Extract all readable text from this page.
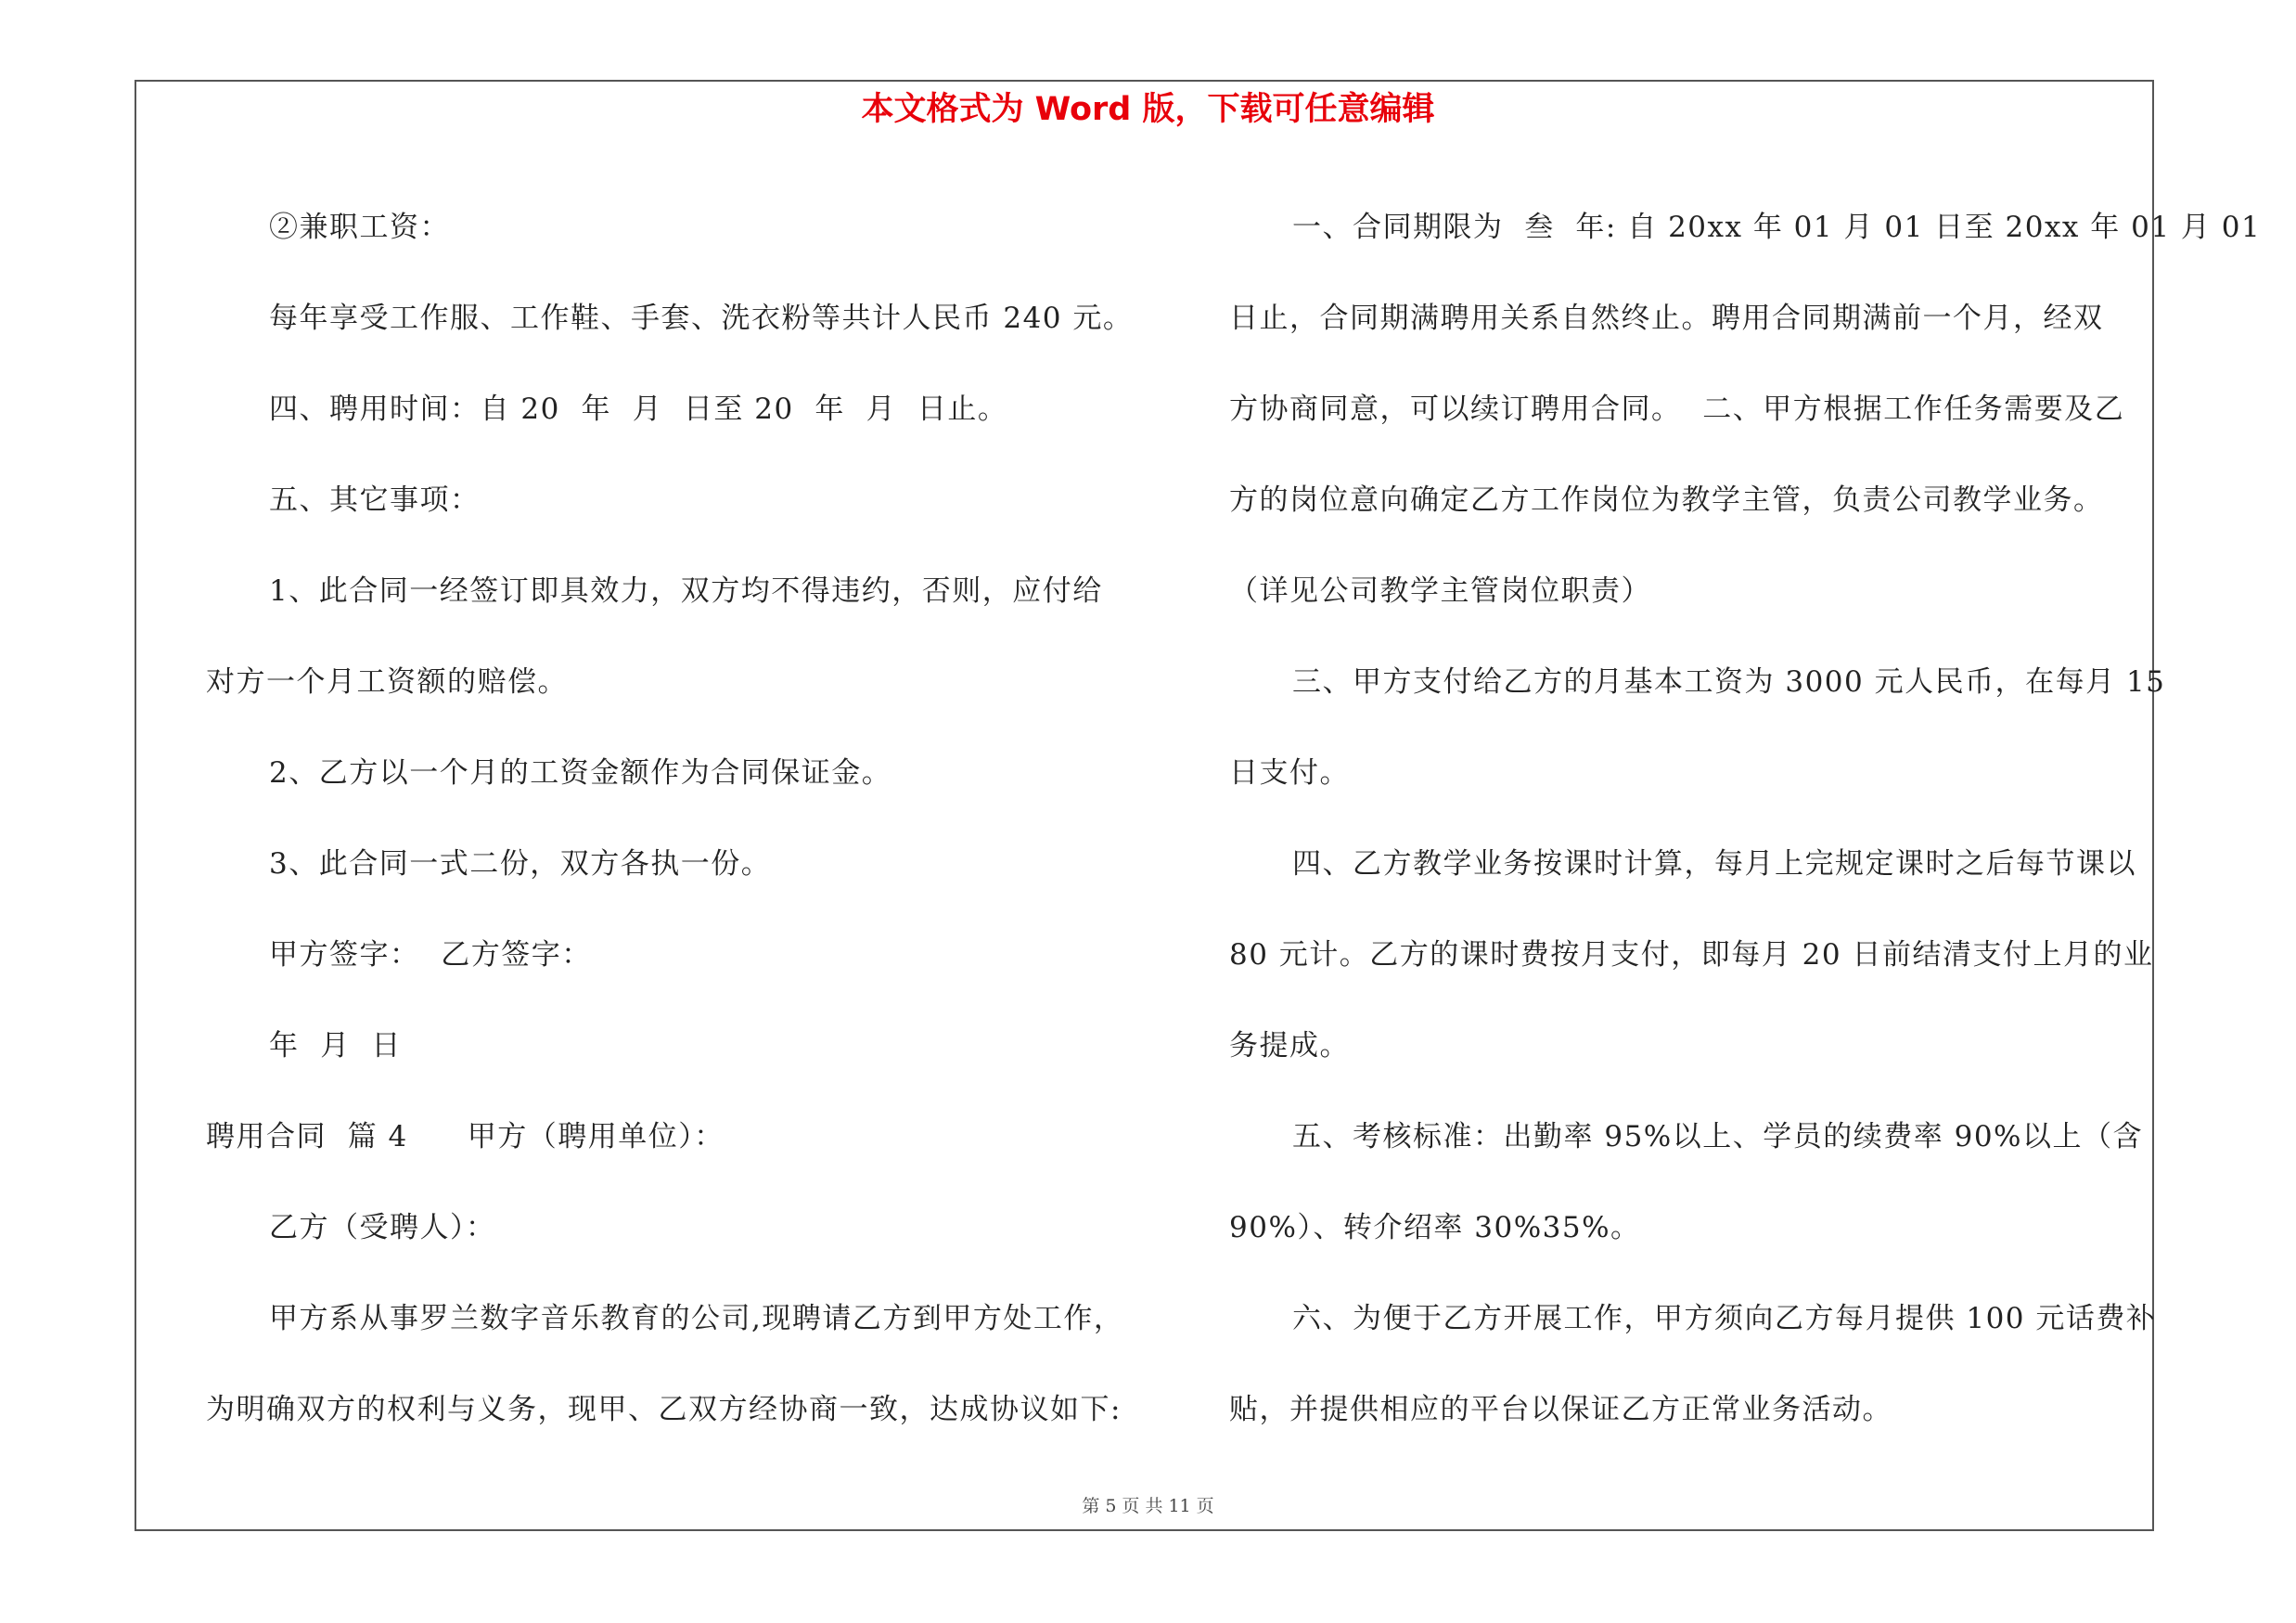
本文格式为 Word 版，下载可任意编辑

②兼职工资：

每年享受工作服、工作鞋、手套、洗衣粉等共计人民币 240 元。

四、聘用时间：自 20  年  月  日至 20  年  月  日止。

五、其它事项：

1、此合同一经签订即具效力，双方均不得违约，否则，应付给

对方一个月工资额的赔偿。

2、乙方以一个月的工资金额作为合同保证金。

3、此合同一式二份，双方各执一份。

甲方签字：  乙方签字：

年  月  日

聘用合同  篇 4 甲方（聘用单位）：

乙方（受聘人）：

甲方系从事罗兰数字音乐教育的公司,现聘请乙方到甲方处工作，

为明确双方的权利与义务，现甲、乙双方经协商一致，达成协议如下:

一、合同期限为  叁  年: 自 20xx 年 01 月 01 日至 20xx 年 01 月 01

日止，合同期满聘用关系自然终止。聘用合同期满前一个月，经双

方协商同意，可以续订聘用合同。  二、甲方根据工作任务需要及乙

方的岗位意向确定乙方工作岗位为教学主管，负责公司教学业务。

（详见公司教学主管岗位职责）

三、甲方支付给乙方的月基本工资为 3000 元人民币，在每月 15

日支付。

四、乙方教学业务按课时计算，每月上完规定课时之后每节课以

80 元计。乙方的课时费按月支付，即每月 20 日前结清支付上月的业

务提成。

五、考核标准：出勤率 95%以上、学员的续费率 90%以上（含

90%）、转介绍率 30%35%。

六、为便于乙方开展工作，甲方须向乙方每月提供 100 元话费补

贴，并提供相应的平台以保证乙方正常业务活动。

第 5 页 共 11 页
